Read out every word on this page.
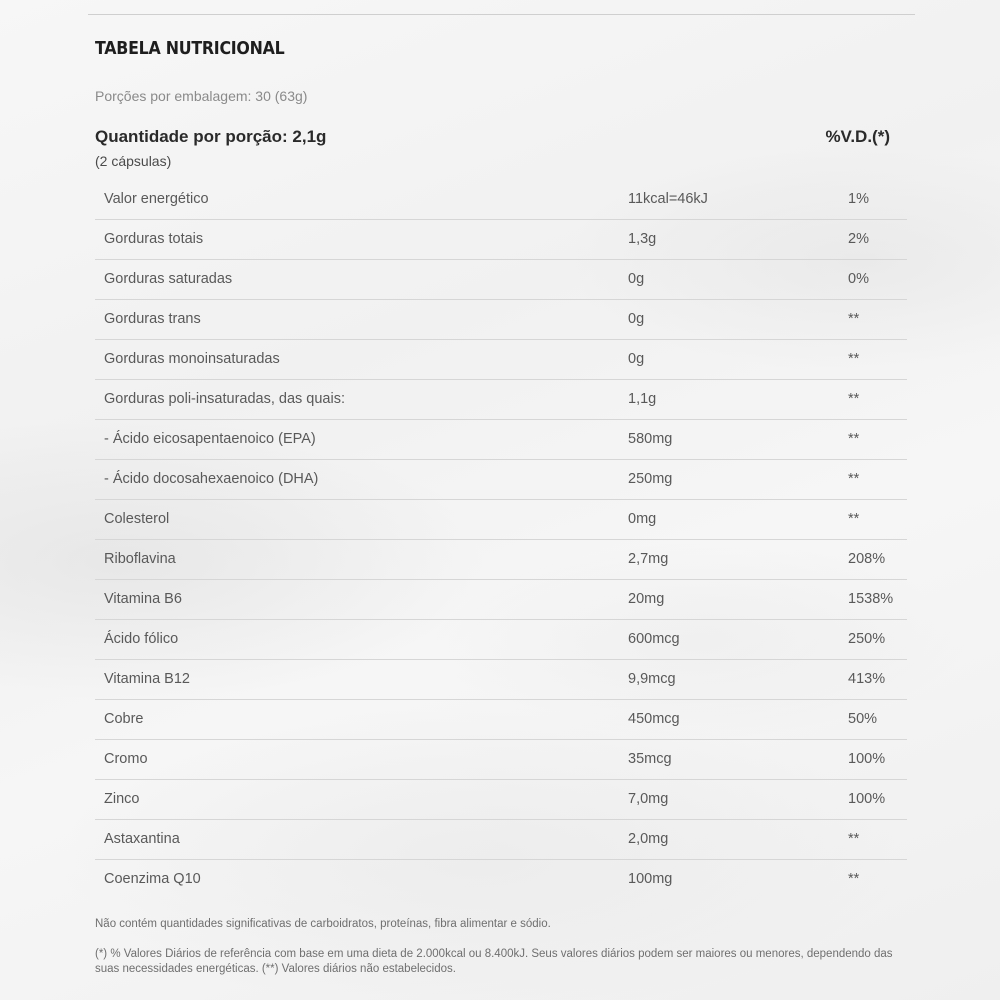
TABELA NUTRICIONAL
Porções por embalagem: 30 (63g)
Quantidade por porção: 2,1g	%V.D.(*)
(2 cápsulas)
Valor energético	11kcal=46kJ	1%
Gorduras totais	1,3g	2%
Gorduras saturadas	0g	0%
Gorduras trans	0g	**
Gorduras monoinsaturadas	0g	**
Gorduras poli-insaturadas, das quais:	1,1g	**
- Ácido eicosapentaenoico (EPA)	580mg	**
- Ácido docosahexaenoico (DHA)	250mg	**
Colesterol	0mg	**
Riboflavina	2,7mg	208%
Vitamina B6	20mg	1538%
Ácido fólico	600mcg	250%
Vitamina B12	9,9mcg	413%
Cobre	450mcg	50%
Cromo	35mcg	100%
Zinco	7,0mg	100%
Astaxantina	2,0mg	**
Coenzima Q10	100mg	**

Não contém quantidades significativas de carboidratos, proteínas, fibra alimentar e sódio.

(*) % Valores Diários de referência com base em uma dieta de 2.000kcal ou 8.400kJ. Seus valores diários podem ser maiores ou menores, dependendo das suas necessidades energéticas. (**) Valores diários não estabelecidos.
